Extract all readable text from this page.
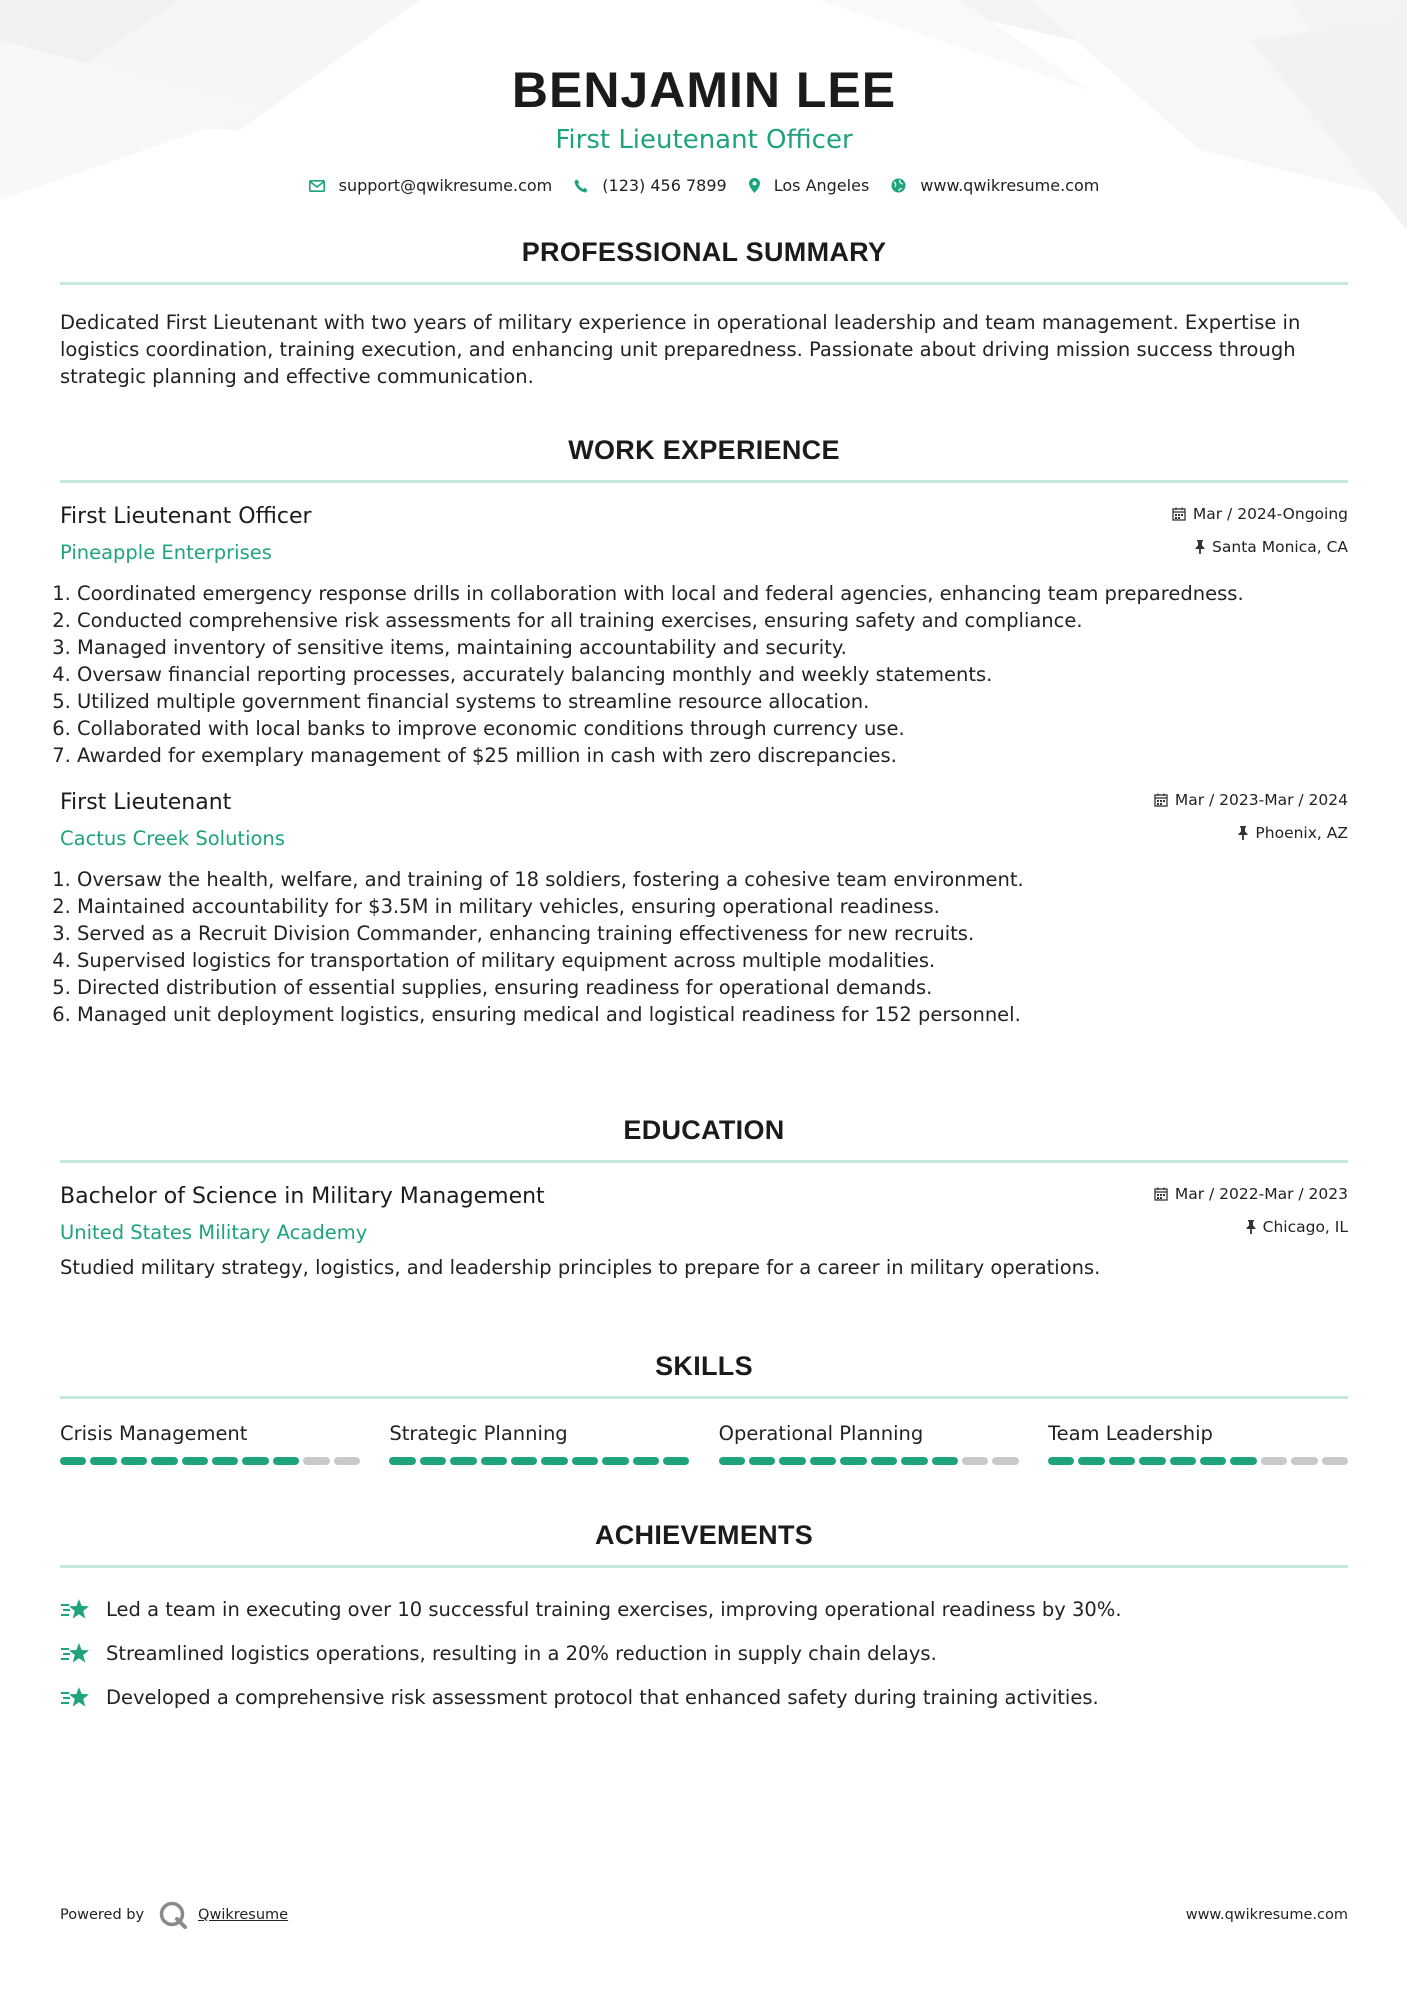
BENJAMIN LEE
First Lieutenant Officer
support@qwikresume.com	(123) 456 7899	Los Angeles	www.qwikresume.com
PROFESSIONAL SUMMARY
Dedicated First Lieutenant with two years of military experience in operational leadership and team management. Expertise in logistics coordination, training execution, and enhancing unit preparedness. Passionate about driving mission success through strategic planning and effective communication.
WORK EXPERIENCE
First Lieutenant Officer
Pineapple Enterprises
Mar / 2024-Ongoing
Santa Monica, CA
1. Coordinated emergency response drills in collaboration with local and federal agencies, enhancing team preparedness.
2. Conducted comprehensive risk assessments for all training exercises, ensuring safety and compliance.
3. Managed inventory of sensitive items, maintaining accountability and security.
4. Oversaw financial reporting processes, accurately balancing monthly and weekly statements.
5. Utilized multiple government financial systems to streamline resource allocation.
6. Collaborated with local banks to improve economic conditions through currency use.
7. Awarded for exemplary management of $25 million in cash with zero discrepancies.
First Lieutenant
Cactus Creek Solutions
Mar / 2023-Mar / 2024
Phoenix, AZ
1. Oversaw the health, welfare, and training of 18 soldiers, fostering a cohesive team environment.
2. Maintained accountability for $3.5M in military vehicles, ensuring operational readiness.
3. Served as a Recruit Division Commander, enhancing training effectiveness for new recruits.
4. Supervised logistics for transportation of military equipment across multiple modalities.
5. Directed distribution of essential supplies, ensuring readiness for operational demands.
6. Managed unit deployment logistics, ensuring medical and logistical readiness for 152 personnel.
EDUCATION
Bachelor of Science in Military Management
United States Military Academy
Mar / 2022-Mar / 2023
Chicago, IL
Studied military strategy, logistics, and leadership principles to prepare for a career in military operations.
SKILLS
Crisis Management	Strategic Planning	Operational Planning	Team Leadership
ACHIEVEMENTS
Led a team in executing over 10 successful training exercises, improving operational readiness by 30%.
Streamlined logistics operations, resulting in a 20% reduction in supply chain delays.
Developed a comprehensive risk assessment protocol that enhanced safety during training activities.
Powered by	Qwikresume	www.qwikresume.com
